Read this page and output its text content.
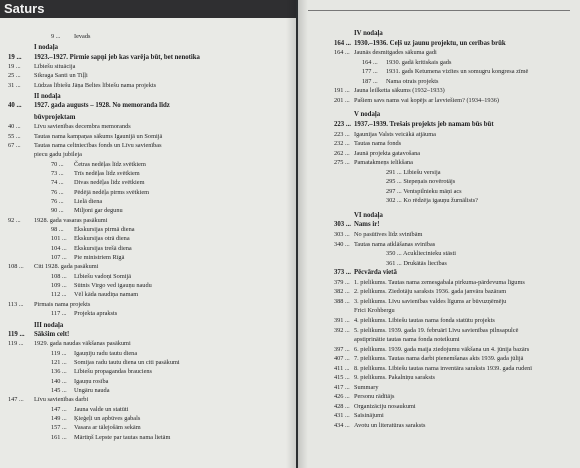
Saturs
9 ... Ievads
I nodaļa
19 ... 1923.–1927. Pirmie sapņi jeb kas varēja būt, bet nenotika
19 ... Lībiešu situācija
25 ... Sikraga Santi un Tiļļi
31 ... Lūdzas lībiešu Jāņa Beltes lībiešu nama projekts
II nodaļa
40 ... 1927. gada augusts – 1928. No memoranda līdz
būvprojektam
40 ... Līvu savienības decembra memorands
55 ... Tautas nama kampaņas sākums Igaunijā un Somijā
67 ... Tautas nama celtniecības fonds un Līvu savienības
piecu gadu jubileja
70 ... Četras nedēļas līdz svētkiem
73 ... Trīs nedēļas līdz svētkiem
74 ... Divas nedēļas līdz svētkiem
76 ... Pēdējā nedēļa pirms svētkiem
76 ... Lielā diena
90 ... Miljoni gar degunu
92 ... 1928. gada vasaras pasākumi
98 ... Ekskursijas pirmā diena
101 ... Ekskursijas otrā diena
104 ... Ekskursijas trešā diena
107 ... Pie ministriem Rīgā
108 ... Citi 1928. gada pasākumi
108 ... Lībiešu vadoņi Somijā
109 ... Sūtnis Virgo ved igauņu naudu
112 ... Vēl kāda naudiņa namam
113 ... Pirmais nama projekts
117 ... Projekta apraksts
III nodaļa
119 ... Sākšim celt!
119 ... 1929. gada naudas vākšanas pasākumi
119 ... Igauņiju radu tautu diena
121 ... Somijas radu tautu diena un citi pasākumi
136 ... Lībiešu propagandas brauciens
140 ... Igauņu rosība
145 ... Ungāru nauda
147 ... Līvu savienības darbi
147 ... Jauna valde un statūti
149 ... Ķieģeļi un apbūves gabals
157 ... Vasara ar tālejošām sekām
161 ... Mārtiņš Lepste par tautas nama lietām
IV nodaļa
164 ... 1930.–1936. Ceļš uz jaunu projektu, un cerības brūk
164 ... Jaunās desmitgades sākuma gadi
164 ... 1930. gadā kritiskais gads
177 ... 1931. gads Ketumena vizītes un somugru kongresa zīmē
187 ... Nama otrais projekts
191 ... Jauna leilketta sākums (1932–1933)
201 ... Pašiem savs nams vai kopējs ar lavviešiem? (1934–1936)
V nodaļa
223 ... 1937.–1939. Trešais projekts jeb namam būs būt
223 ... Igaunijas Valsts veicākā atjāuma
232 ... Tautas nama fonds
262 ... Jaunā projekta gatavošana
275 ... Pamatakmeņs ielikšana
291 ... Lībiešu versija
295 ... Stepeņais novērotājs
297 ... Ventspilnieku māņi acs
302 ... Ko rēdzēja igauņu žurnālists?
VI nodaļa
303 ... Nams ir!
303 ... No pasūtīves līdz svinībām
340 ... Tautas nama atklāšanas svinības
350 ... Acukliecinieku stāsti
361 ... Drukātās liecības
373 ... Pēcvārda vietā
379 ... 1. pielikums. Tautas nama zemesgabala pirkuma-pārdevuma līgums
382 ... 2. pielikums. Ziedotāju saraksts 1936. gada janvāra bazāram
388 ... 3. pielikums. Līvu savienības valdes līgums ar būvuzņēmēju
Frici Krohbergu
391 ... 4. pielikums. Lībiešu tautas nama fonda statūtu projekts
392 ... 5. pielikums. 1939. gada 19. februārī Līvu savienības pilnsapulcē
apstiprinātie tautas nama fonda noteikumi
397 ... 6. pielikums. 1939. gada maija ziedojumu vākšana un 4. jūnija bazārs
407 ... 7. pielikums. Tautas nama darbi pienemšanas akts 1939. gada jūlijā
411 ... 8. pielikums. Lībiešu tautas nama inventāra saraksts 1939. gada rudenī
415 ... 9. pielikums. Pakalniņu saraksts
417 ... Summary
426 ... Personu rādītājs
428 ... Organizāciju nosaukumi
431 ... Saīsinājumi
434 ... Avotu un literatūras saraksts
